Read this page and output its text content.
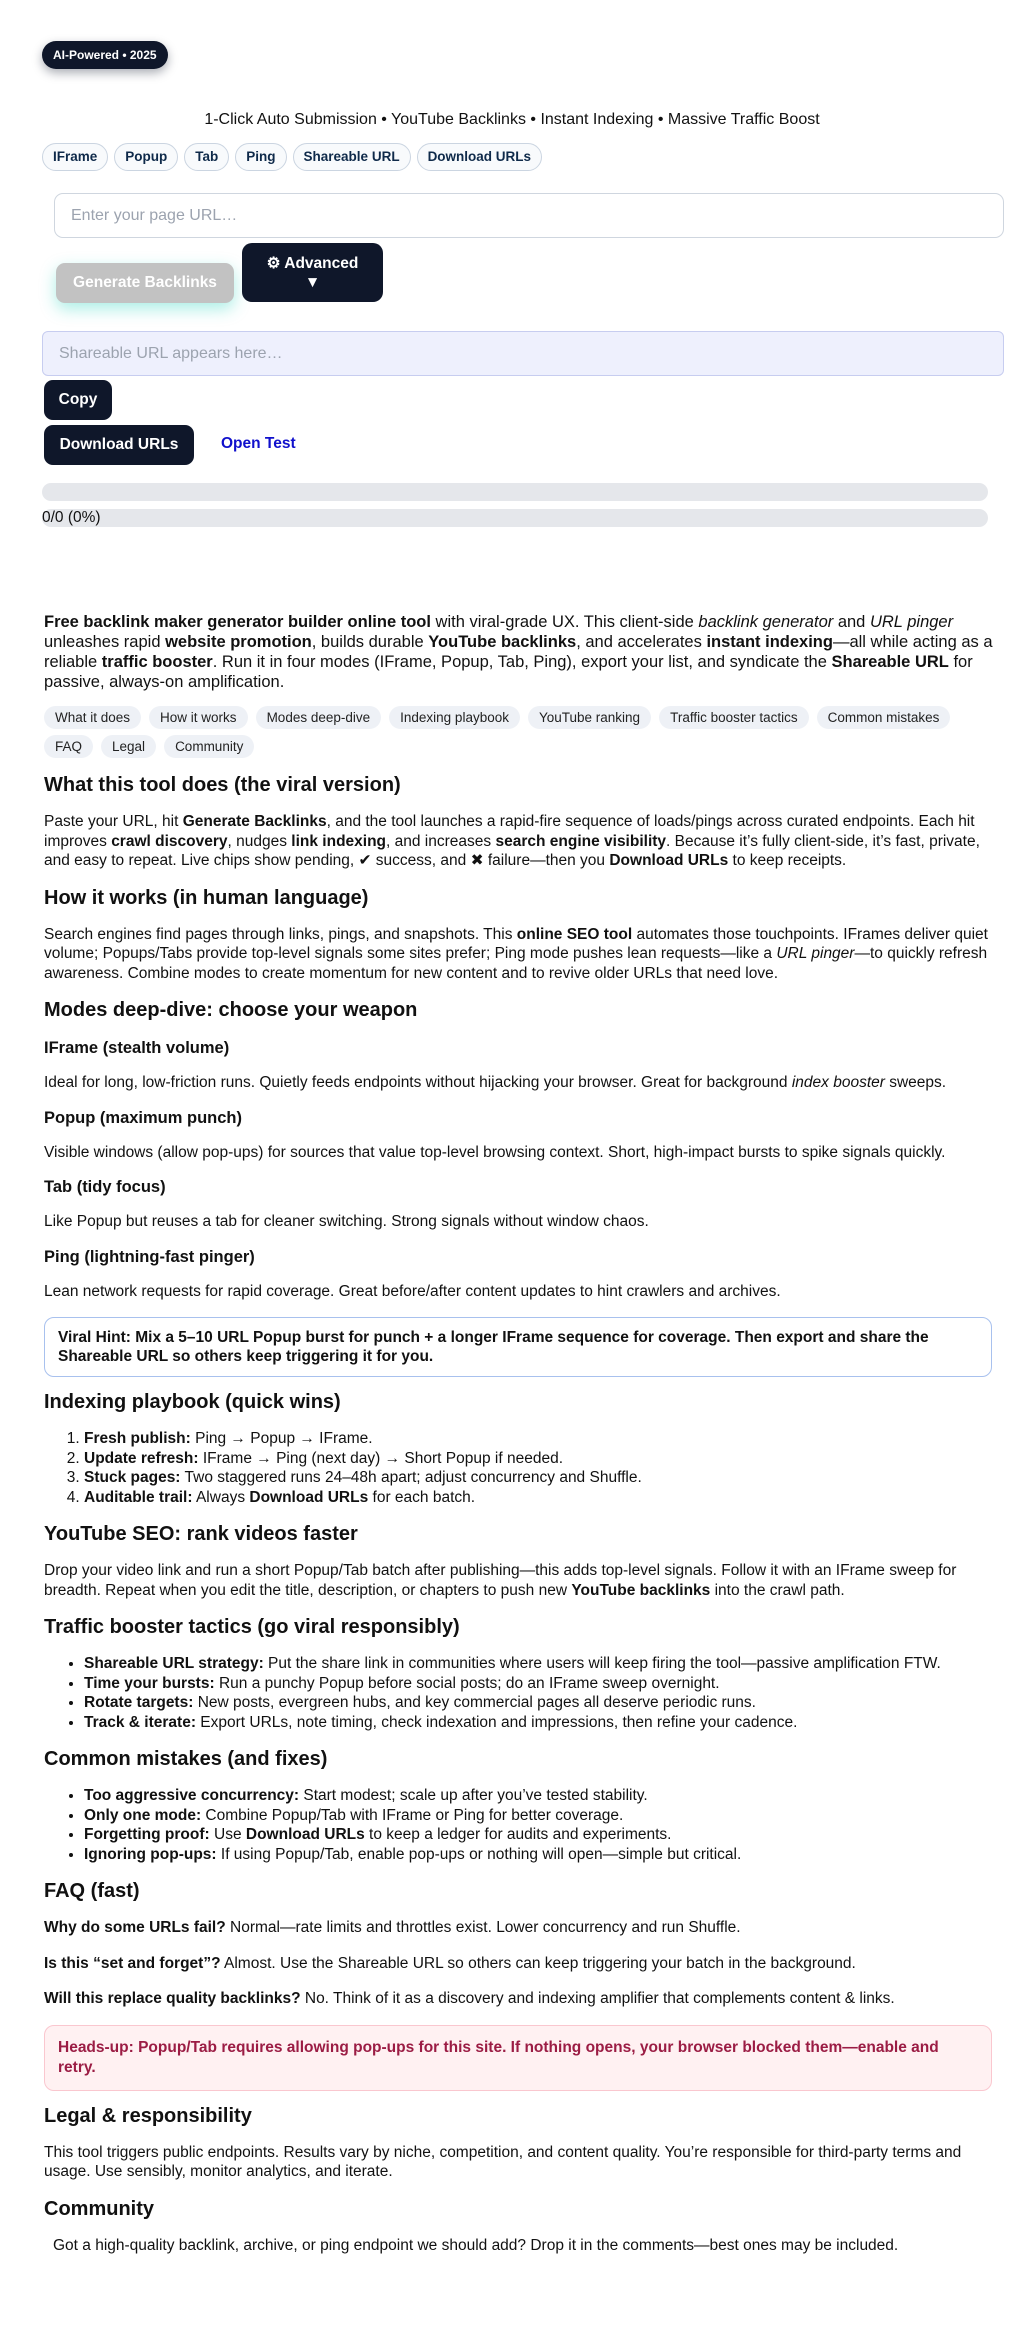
AI-Powered • 2025
1-Click Auto Submission • YouTube Backlinks • Instant Indexing • Massive Traffic Boost
IFrame	Popup	Tab	Ping	Shareable URL	Download URLs
Enter your page URL…
Generate Backlinks
⚙ Advanced
▼
Shareable URL appears here…
Copy
Download URLs	Open Test
0/0 (0%)

Free backlink maker generator builder online tool with viral-grade UX. This client-side backlink generator and URL pinger unleashes rapid website promotion, builds durable YouTube backlinks, and accelerates instant indexing—all while acting as a reliable traffic booster. Run it in four modes (IFrame, Popup, Tab, Ping), export your list, and syndicate the Shareable URL for passive, always-on amplification.

What it does	How it works	Modes deep-dive	Indexing playbook	YouTube ranking	Traffic booster tactics	Common mistakes
FAQ	Legal	Community
What this tool does (the viral version)

Paste your URL, hit Generate Backlinks, and the tool launches a rapid-fire sequence of loads/pings across curated endpoints. Each hit improves crawl discovery, nudges link indexing, and increases search engine visibility. Because it’s fully client-side, it’s fast, private, and easy to repeat. Live chips show pending, ✔ success, and ✖ failure—then you Download URLs to keep receipts.

How it works (in human language)

Search engines find pages through links, pings, and snapshots. This online SEO tool automates those touchpoints. IFrames deliver quiet volume; Popups/Tabs provide top-level signals some sites prefer; Ping mode pushes lean requests—like a URL pinger—to quickly refresh awareness. Combine modes to create momentum for new content and to revive older URLs that need love.

Modes deep-dive: choose your weapon
IFrame (stealth volume)

Ideal for long, low-friction runs. Quietly feeds endpoints without hijacking your browser. Great for background index booster sweeps.

Popup (maximum punch)

Visible windows (allow pop-ups) for sources that value top-level browsing context. Short, high-impact bursts to spike signals quickly.

Tab (tidy focus)

Like Popup but reuses a tab for cleaner switching. Strong signals without window chaos.

Ping (lightning-fast pinger)

Lean network requests for rapid coverage. Great before/after content updates to hint crawlers and archives.

Viral Hint: Mix a 5–10 URL Popup burst for punch + a longer IFrame sequence for coverage. Then export and share the Shareable URL so others keep triggering it for you.
Indexing playbook (quick wins)
1. Fresh publish: Ping → Popup → IFrame.
2. Update refresh: IFrame → Ping (next day) → Short Popup if needed.
3. Stuck pages: Two staggered runs 24–48h apart; adjust concurrency and Shuffle.
4. Auditable trail: Always Download URLs for each batch.
YouTube SEO: rank videos faster

Drop your video link and run a short Popup/Tab batch after publishing—this adds top-level signals. Follow it with an IFrame sweep for breadth. Repeat when you edit the title, description, or chapters to push new YouTube backlinks into the crawl path.

Traffic booster tactics (go viral responsibly)
• Shareable URL strategy: Put the share link in communities where users will keep firing the tool—passive amplification FTW.
• Time your bursts: Run a punchy Popup before social posts; do an IFrame sweep overnight.
• Rotate targets: New posts, evergreen hubs, and key commercial pages all deserve periodic runs.
• Track & iterate: Export URLs, note timing, check indexation and impressions, then refine your cadence.
Common mistakes (and fixes)
• Too aggressive concurrency: Start modest; scale up after you’ve tested stability.
• Only one mode: Combine Popup/Tab with IFrame or Ping for better coverage.
• Forgetting proof: Use Download URLs to keep a ledger for audits and experiments.
• Ignoring pop-ups: If using Popup/Tab, enable pop-ups or nothing will open—simple but critical.
FAQ (fast)

Why do some URLs fail? Normal—rate limits and throttles exist. Lower concurrency and run Shuffle.

Is this “set and forget”? Almost. Use the Shareable URL so others can keep triggering your batch in the background.

Will this replace quality backlinks? No. Think of it as a discovery and indexing amplifier that complements content & links.

Heads-up: Popup/Tab requires allowing pop-ups for this site. If nothing opens, your browser blocked them—enable and retry.
Legal & responsibility

This tool triggers public endpoints. Results vary by niche, competition, and content quality. You’re responsible for third-party terms and usage. Use sensibly, monitor analytics, and iterate.

Community

Got a high-quality backlink, archive, or ping endpoint we should add? Drop it in the comments—best ones may be included.
